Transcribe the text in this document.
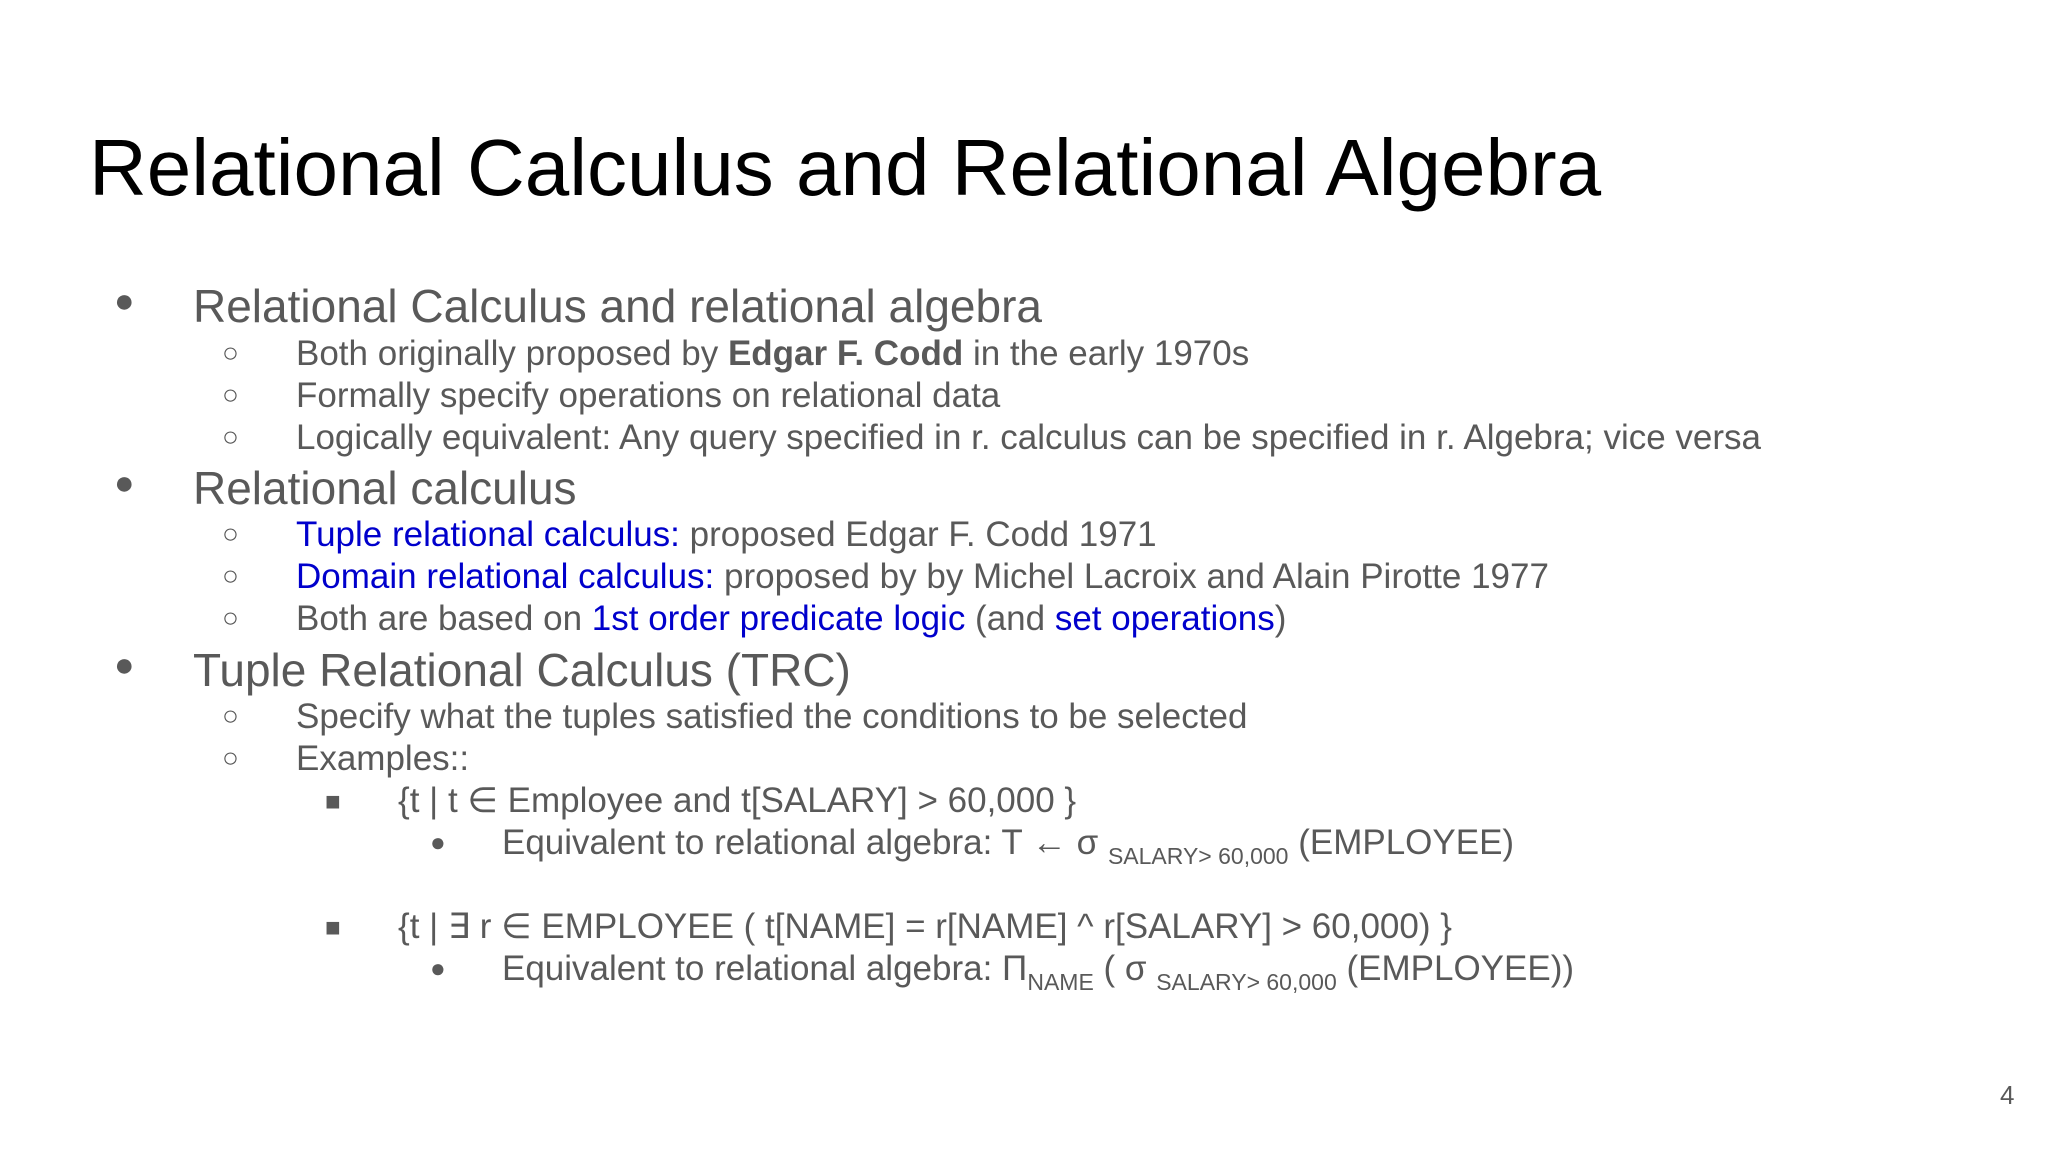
Relational Calculus and Relational Algebra
● Relational Calculus and relational algebra
○ Both originally proposed by Edgar F. Codd in the early 1970s
○ Formally specify operations on relational data
○ Logically equivalent: Any query specified in r. calculus can be specified in r. Algebra; vice versa
● Relational calculus
○ Tuple relational calculus: proposed Edgar F. Codd 1971
○ Domain relational calculus: proposed by by Michel Lacroix and Alain Pirotte 1977
○ Both are based on 1st order predicate logic (and set operations)
● Tuple Relational Calculus (TRC)
○ Specify what the tuples satisfied the conditions to be selected
○ Examples::
■ {t | t ∈ Employee and t[SALARY] > 60,000 }
● Equivalent to relational algebra: T ← σ $_{SALARY> 60,000}$ (EMPLOYEE)
■ {t | ∃ r ∈ EMPLOYEE ( t[NAME] = r[NAME] ^ r[SALARY] > 60,000) }
● Equivalent to relational algebra: $\Pi_{NAME}$ ( σ $_{SALARY> 60,000}$ (EMPLOYEE))
4
